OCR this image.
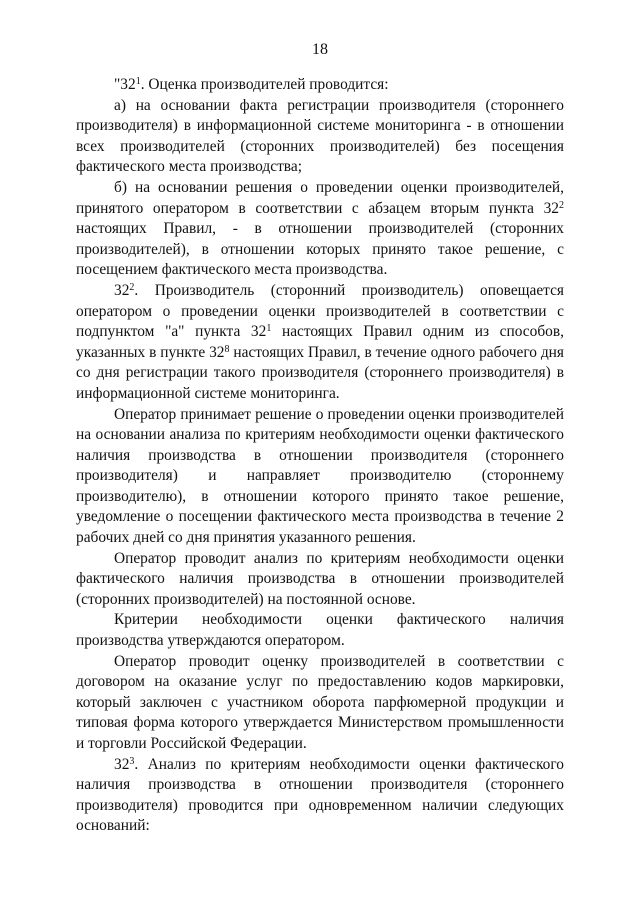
18

"$32^1$. Оценка производителей проводится:

а) на основании факта регистрации производителя (стороннего производителя) в информационной системе мониторинга - в отношении всех производителей (сторонних производителей) без посещения фактического места производства;

б) на основании решения о проведении оценки производителей, принятого оператором в соответствии с абзацем вторым пункта $32^2$ настоящих Правил, - в отношении производителей (сторонних производителей), в отношении которых принято такое решение, с посещением фактического места производства.

$32^2$. Производитель (сторонний производитель) оповещается оператором о проведении оценки производителей в соответствии с подпунктом "а" пункта $32^1$ настоящих Правил одним из способов, указанных в пункте $32^8$ настоящих Правил, в течение одного рабочего дня со дня регистрации такого производителя (стороннего производителя) в информационной системе мониторинга.

Оператор принимает решение о проведении оценки производителей на основании анализа по критериям необходимости оценки фактического наличия производства в отношении производителя (стороннего производителя) и направляет производителю (стороннему производителю), в отношении которого принято такое решение, уведомление о посещении фактического места производства в течение 2 рабочих дней со дня принятия указанного решения.

Оператор проводит анализ по критериям необходимости оценки фактического наличия производства в отношении производителей (сторонних производителей) на постоянной основе.

Критерии необходимости оценки фактического наличия производства утверждаются оператором.

Оператор проводит оценку производителей в соответствии с договором на оказание услуг по предоставлению кодов маркировки, который заключен с участником оборота парфюмерной продукции и типовая форма которого утверждается Министерством промышленности и торговли Российской Федерации.

$32^3$. Анализ по критериям необходимости оценки фактического наличия производства в отношении производителя (стороннего производителя) проводится при одновременном наличии следующих оснований:
